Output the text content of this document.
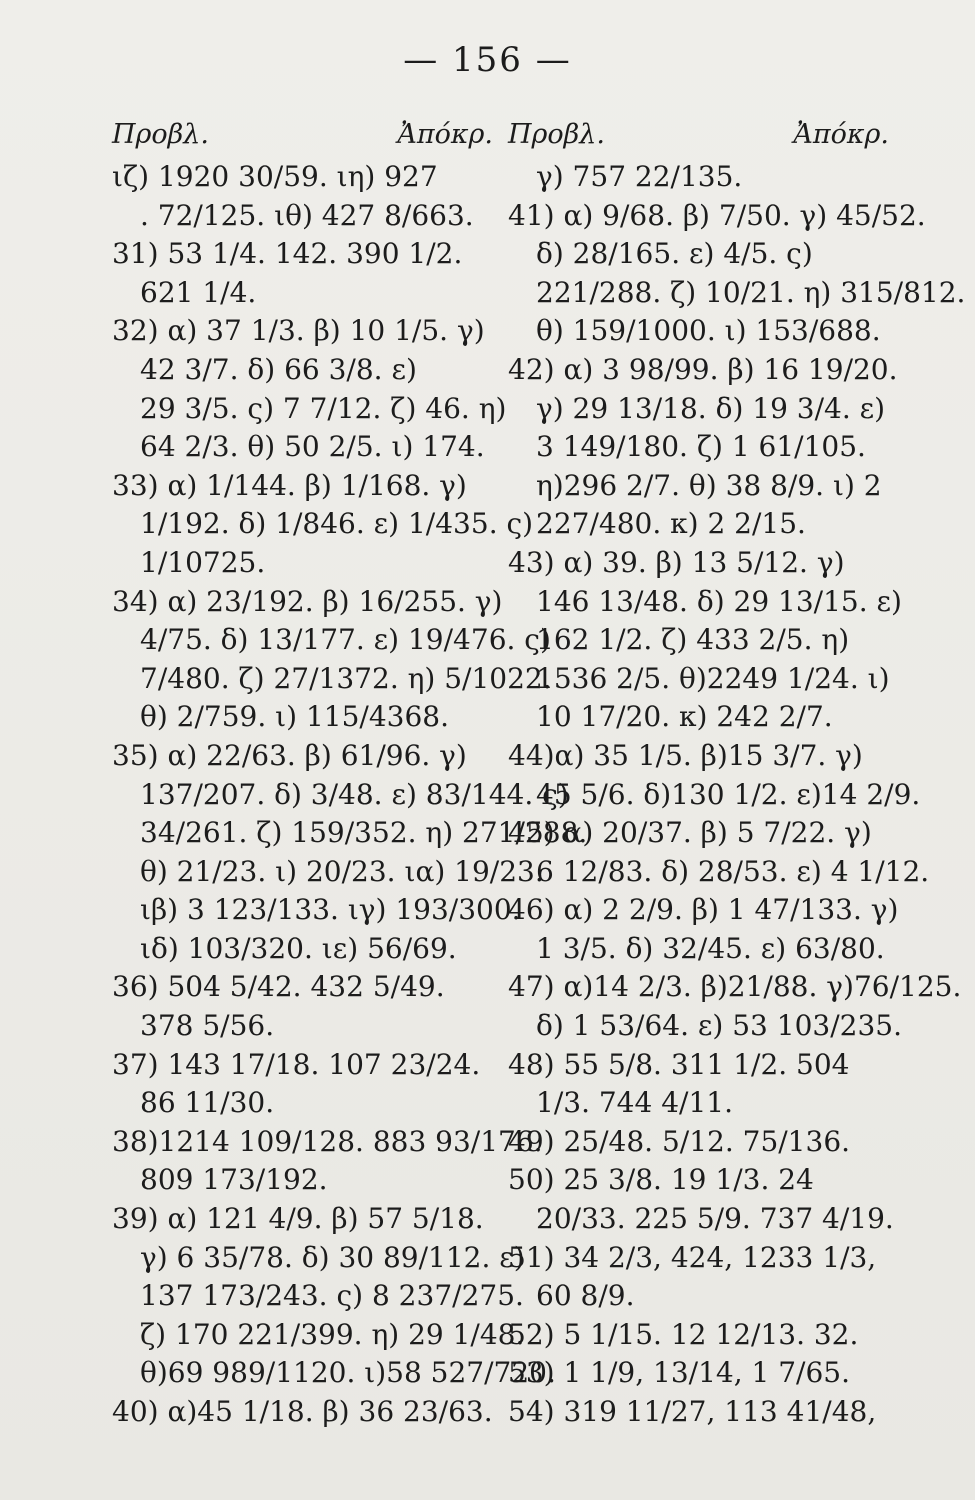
— 156 —
Προβλ.	Ἀπόκρ.
ιζ) 1920 30/59. ιη) 927
. 72/125. ιθ) 427 8/663.
31) 53 1/4. 142. 390 1/2.
621 1/4.
32) α) 37 1/3. β) 10 1/5. γ)
42 3/7. δ) 66 3/8. ε)
29 3/5. ς) 7 7/12. ζ) 46. η)
64 2/3. θ) 50 2/5. ι) 174.
33) α) 1/144. β) 1/168. γ)
1/192. δ) 1/846. ε) 1/435. ς)
1/10725.
34) α) 23/192. β) 16/255. γ)
4/75. δ) 13/177. ε) 19/476. ς)
7/480. ζ) 27/1372. η) 5/1022.
θ) 2/759. ι) 115/4368.
35) α) 22/63. β) 61/96. γ)
137/207. δ) 3/48. ε) 83/144. ς)
34/261. ζ) 159/352. η) 271/288.
θ) 21/23. ι) 20/23. ια) 19/23.
ιβ) 3 123/133. ιγ) 193/300.
ιδ) 103/320. ιε) 56/69.
36) 504 5/42. 432 5/49.
378 5/56.
37) 143 17/18. 107 23/24.
86 11/30.
38)1214 109/128. 883 93/176.
809 173/192.
39) α) 121 4/9. β) 57 5/18.
γ) 6 35/78. δ) 30 89/112. ε)
137 173/243. ς) 8 237/275.
ζ) 170 221/399. η) 29 1/48.
θ)69 989/1120. ι)58 527/720.
40) α)45 1/18. β) 36 23/63.
Προβλ.	Ἀπόκρ.
γ) 757 22/135.
41) α) 9/68. β) 7/50. γ) 45/52.
δ) 28/165. ε) 4/5. ς)
221/288. ζ) 10/21. η) 315/812.
θ) 159/1000. ι) 153/688.
42) α) 3 98/99. β) 16 19/20.
γ) 29 13/18. δ) 19 3/4. ε)
3 149/180. ζ) 1 61/105.
η)296 2/7. θ) 38 8/9. ι) 2
227/480. κ) 2 2/15.
43) α) 39. β) 13 5/12. γ)
146 13/48. δ) 29 13/15. ε)
162 1/2. ζ) 433 2/5. η)
1536 2/5. θ)2249 1/24. ι)
10 17/20. κ) 242 2/7.
44)α) 35 1/5. β)15 3/7. γ)
45 5/6. δ)130 1/2. ε)14 2/9.
45) α) 20/37. β) 5 7/22. γ)
6 12/83. δ) 28/53. ε) 4 1/12.
46) α) 2 2/9. β) 1 47/133. γ)
1 3/5. δ) 32/45. ε) 63/80.
47) α)14 2/3. β)21/88. γ)76/125.
δ) 1 53/64. ε) 53 103/235.
48) 55 5/8. 311 1/2. 504
1/3. 744 4/11.
49) 25/48. 5/12. 75/136.
50) 25 3/8. 19 1/3. 24
20/33. 225 5/9. 737 4/19.
51) 34 2/3, 424, 1233 1/3,
60 8/9.
52) 5 1/15. 12 12/13. 32.
53) 1 1/9, 13/14, 1 7/65.
54) 319 11/27, 113 41/48,
